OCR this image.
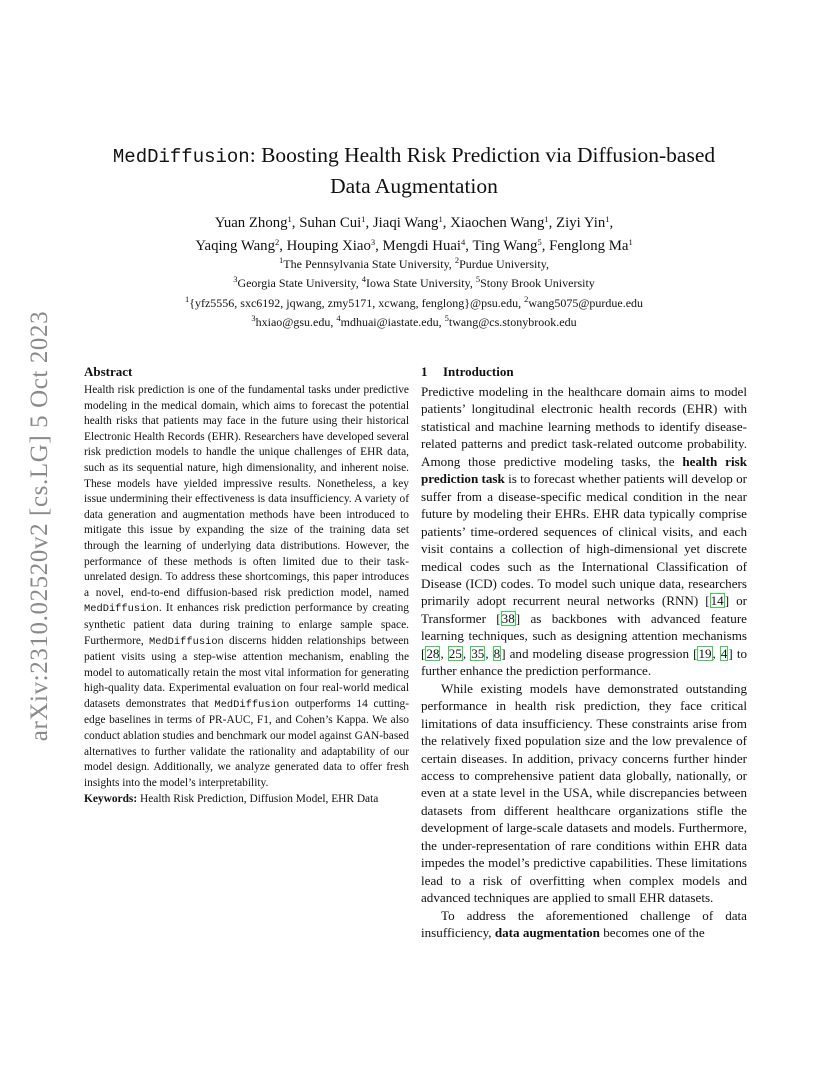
arXiv:2310.02520v2 [cs.LG] 5 Oct 2023
MedDiffusion: Boosting Health Risk Prediction via Diffusion-based
Data Augmentation
Yuan Zhong$^1$, Suhan Cui$^1$, Jiaqi Wang$^1$, Xiaochen Wang$^1$, Ziyi Yin$^1$,
Yaqing Wang$^2$, Houping Xiao$^3$, Mengdi Huai$^4$, Ting Wang$^5$, Fenglong Ma$^1$
$^1$The Pennsylvania State University, $^2$Purdue University,
$^3$Georgia State University, $^4$Iowa State University, $^5$Stony Brook University
$^1${yfz5556, sxc6192, jqwang, zmy5171, xcwang, fenglong}@psu.edu, $^2$wang5075@purdue.edu
$^3$hxiao@gsu.edu, $^4$mdhuai@iastate.edu, $^5$twang@cs.stonybrook.edu
Abstract

Health risk prediction is one of the fundamental tasks under predictive modeling in the medical domain, which aims to forecast the potential health risks that patients may face in the future using their historical Electronic Health Records (EHR). Researchers have developed several risk prediction models to handle the unique challenges of EHR data, such as its sequential nature, high dimensionality, and inherent noise. These models have yielded impressive results. Nonetheless, a key issue undermining their effectiveness is data insufficiency. A variety of data generation and augmentation methods have been introduced to mitigate this issue by expanding the size of the training data set through the learning of underlying data distributions. However, the performance of these methods is often limited due to their task-unrelated design. To address these shortcomings, this paper introduces a novel, end-to-end diffusion-based risk prediction model, named MedDiffusion. It enhances risk prediction performance by creating synthetic patient data during training to enlarge sample space. Furthermore, MedDiffusion discerns hidden relationships between patient visits using a step-wise attention mechanism, enabling the model to automatically retain the most vital information for generating high-quality data. Experimental evaluation on four real-world medical datasets demonstrates that MedDiffusion outperforms 14 cutting-edge baselines in terms of PR-AUC, F1, and Cohen’s Kappa. We also conduct ablation studies and benchmark our model against GAN-based alternatives to further validate the rationality and adaptability of our model design. Additionally, we analyze generated data to offer fresh insights into the model’s interpretability.

Keywords: Health Risk Prediction, Diffusion Model, EHR Data

1 Introduction

Predictive modeling in the healthcare domain aims to model patients’ longitudinal electronic health records (EHR) with statistical and machine learning methods to identify disease-related patterns and predict task-related outcome probability. Among those predictive modeling tasks, the health risk prediction task is to forecast whether patients will develop or suffer from a disease-specific medical condition in the near future by modeling their EHRs. EHR data typically comprise patients’ time-ordered sequences of clinical visits, and each visit contains a collection of high-dimensional yet discrete medical codes such as the International Classification of Disease (ICD) codes. To model such unique data, researchers primarily adopt recurrent neural networks (RNN) [14] or Transformer [38] as backbones with advanced feature learning techniques, such as designing attention mechanisms [28, 25, 35, 8] and modeling disease progression [19, 4] to further enhance the prediction performance.

While existing models have demonstrated outstanding performance in health risk prediction, they face critical limitations of data insufficiency. These constraints arise from the relatively fixed population size and the low prevalence of certain diseases. In addition, privacy concerns further hinder access to comprehensive patient data globally, nationally, or even at a state level in the USA, while discrepancies between datasets from different healthcare organizations stifle the development of large-scale datasets and models. Furthermore, the under-representation of rare conditions within EHR data impedes the model’s predictive capabilities. These limitations lead to a risk of overfitting when complex models and advanced techniques are applied to small EHR datasets.

To address the aforementioned challenge of data insufficiency, data augmentation becomes one of the
